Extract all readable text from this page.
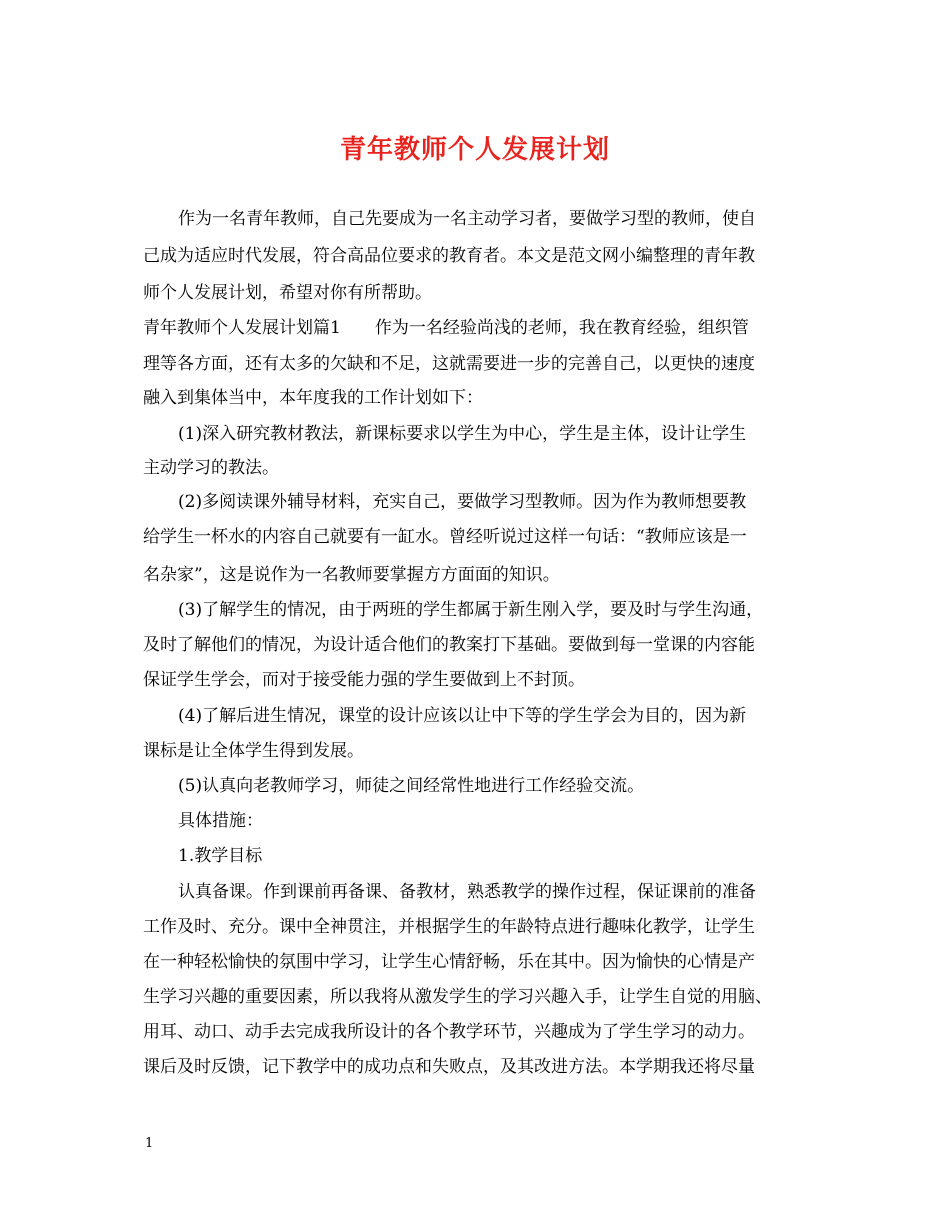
青年教师个人发展计划
作为一名青年教师，自己先要成为一名主动学习者，要做学习型的教师，使自
己成为适应时代发展，符合高品位要求的教育者。本文是范文网小编整理的青年教
师个人发展计划，希望对你有所帮助。
青年教师个人发展计划篇1　　作为一名经验尚浅的老师，我在教育经验，组织管
理等各方面，还有太多的欠缺和不足，这就需要进一步的完善自己，以更快的速度
融入到集体当中，本年度我的工作计划如下：
(1)深入研究教材教法，新课标要求以学生为中心，学生是主体，设计让学生
主动学习的教法。
(2)多阅读课外辅导材料，充实自己，要做学习型教师。因为作为教师想要教
给学生一杯水的内容自己就要有一缸水。曾经听说过这样一句话：“教师应该是一
名杂家”，这是说作为一名教师要掌握方方面面的知识。
(3)了解学生的情况，由于两班的学生都属于新生刚入学，要及时与学生沟通，
及时了解他们的情况，为设计适合他们的教案打下基础。要做到每一堂课的内容能
保证学生学会，而对于接受能力强的学生要做到上不封顶。
(4)了解后进生情况，课堂的设计应该以让中下等的学生学会为目的，因为新
课标是让全体学生得到发展。
(5)认真向老教师学习，师徒之间经常性地进行工作经验交流。
具体措施：
1.教学目标
认真备课。作到课前再备课、备教材，熟悉教学的操作过程，保证课前的准备
工作及时、充分。课中全神贯注，并根据学生的年龄特点进行趣味化教学，让学生
在一种轻松愉快的氛围中学习，让学生心情舒畅，乐在其中。因为愉快的心情是产
生学习兴趣的重要因素，所以我将从激发学生的学习兴趣入手，让学生自觉的用脑、
用耳、动口、动手去完成我所设计的各个教学环节，兴趣成为了学生学习的动力。
课后及时反馈，记下教学中的成功点和失败点，及其改进方法。本学期我还将尽量
1
